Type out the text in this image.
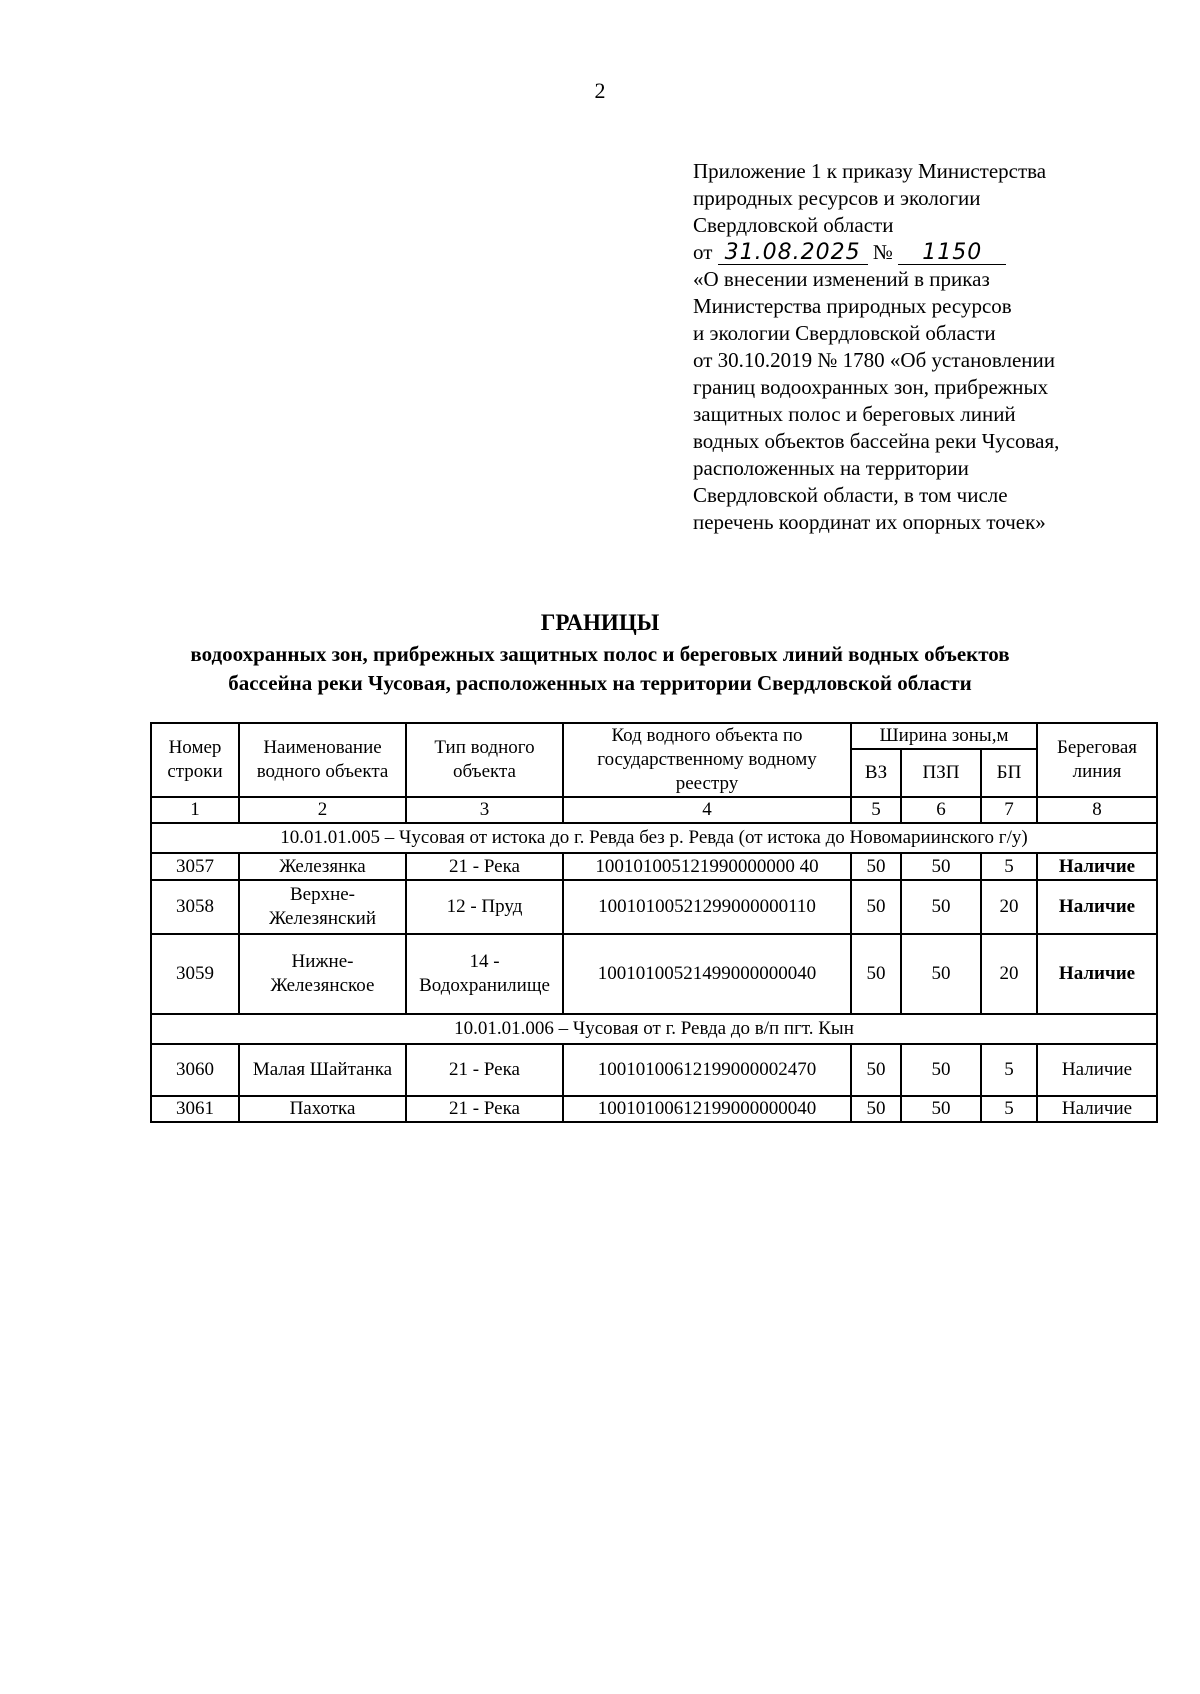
2
Приложение 1 к приказу Министерства
природных ресурсов и экологии
Свердловской области
от 31.08.2025 № 1150
«О внесении изменений в приказ
Министерства природных ресурсов
и экологии Свердловской области
от 30.10.2019 № 1780 «Об установлении
границ водоохранных зон, прибрежных
защитных полос и береговых линий
водных объектов бассейна реки Чусовая,
расположенных на территории
Свердловской области, в том числе
перечень координат их опорных точек»
ГРАНИЦЫ
водоохранных зон, прибрежных защитных полос и береговых линий водных объектов
бассейна реки Чусовая, расположенных на территории Свердловской области
Номер строки	Наименование водного объекта	Тип водного объекта	Код водного объекта по государственному водному реестру	Ширина зоны,м			Береговая линия
				ВЗ	ПЗП	БП	
1	2	3	4	5	6	7	8
10.01.01.005 – Чусовая от истока до г. Ревда без р. Ревда (от истока до Новомариинского г/у)							
3057	Железянка	21 - Река	100101005121990000000 40	50	50	5	Наличие
3058	Верхне-Железянский	12 - Пруд	10010100521299000000110	50	50	20	Наличие
3059	Нижне-Железянское	14 - Водохранилище	10010100521499000000040	50	50	20	Наличие
10.01.01.006 – Чусовая от г. Ревда до в/п пгт. Кын							
3060	Малая Шайтанка	21 - Река	10010100612199000002470	50	50	5	Наличие
3061	Пахотка	21 - Река	10010100612199000000040	50	50	5	Наличие
